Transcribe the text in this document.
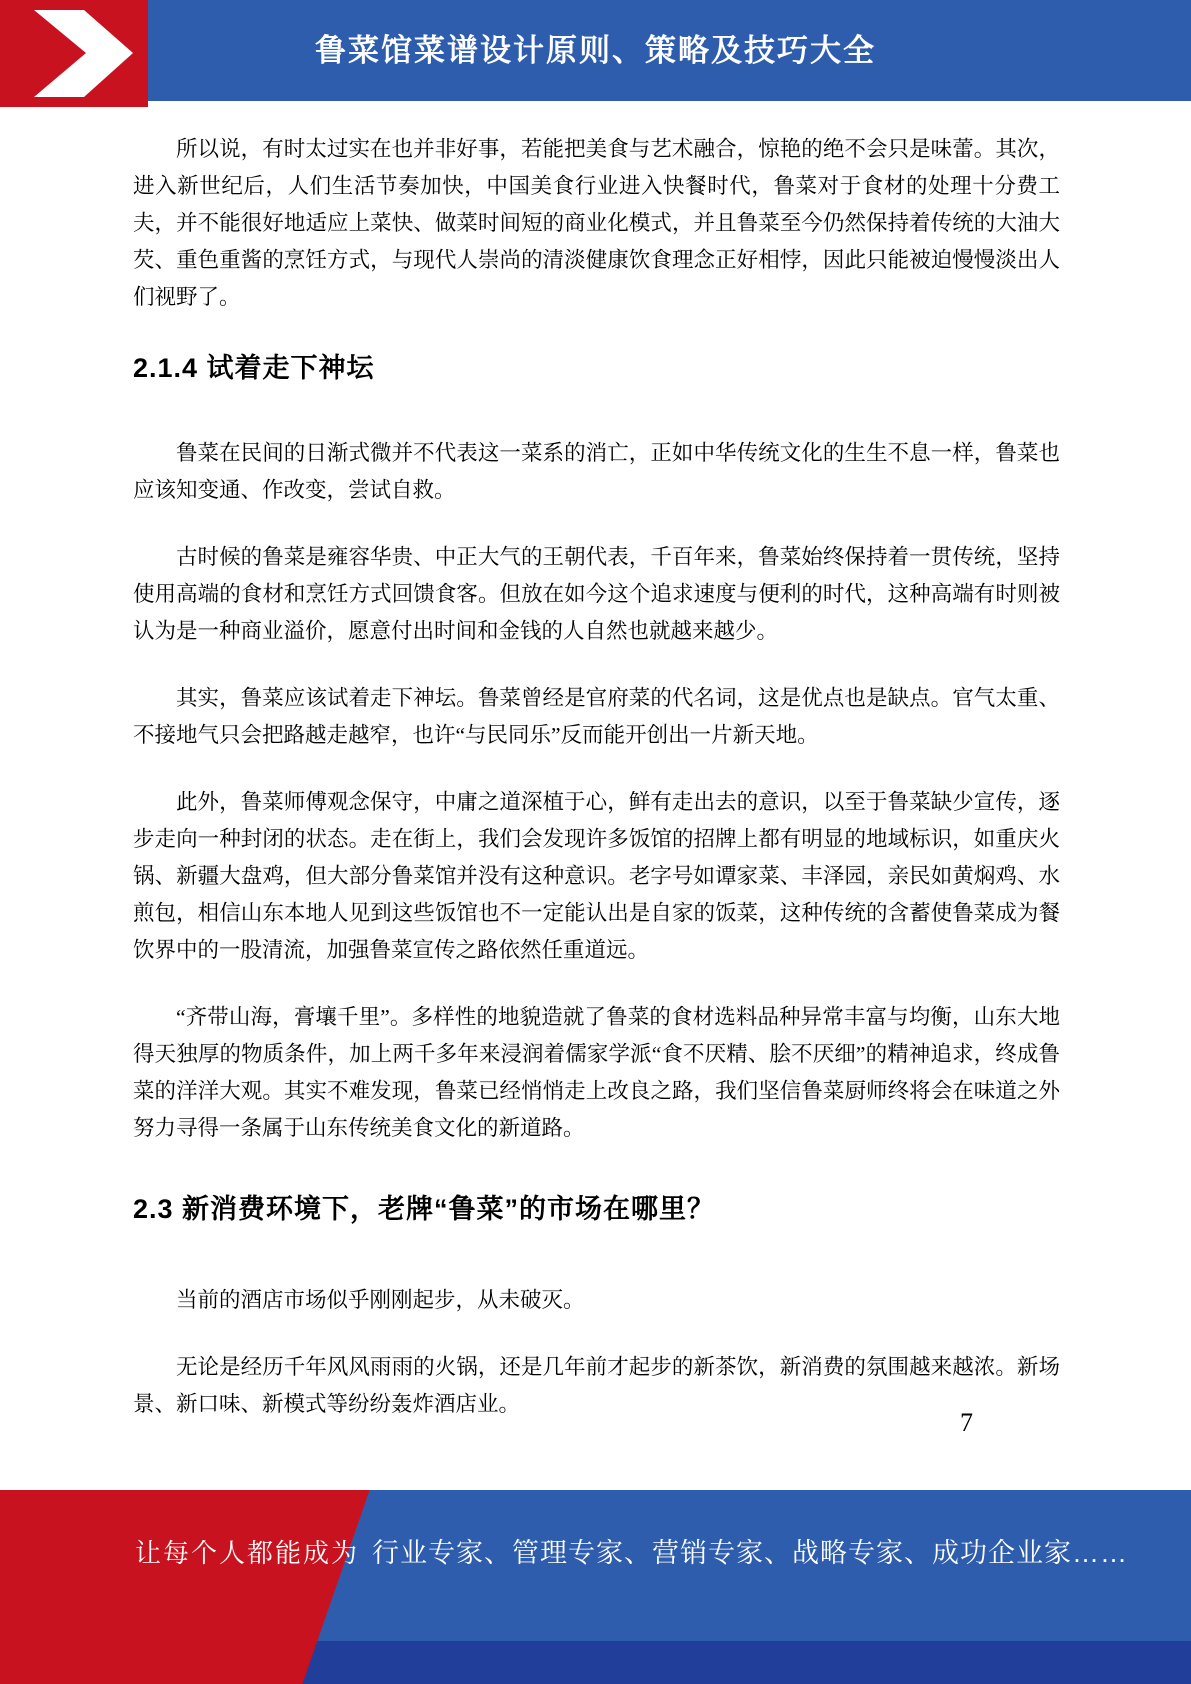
鲁菜馆菜谱设计原则、策略及技巧大全

所以说，有时太过实在也并非好事，若能把美食与艺术融合，惊艳的绝不会只是味蕾。其次，进入新世纪后，人们生活节奏加快，中国美食行业进入快餐时代，鲁菜对于食材的处理十分费工夫，并不能很好地适应上菜快、做菜时间短的商业化模式，并且鲁菜至今仍然保持着传统的大油大芡、重色重酱的烹饪方式，与现代人崇尚的清淡健康饮食理念正好相悖，因此只能被迫慢慢淡出人们视野了。

2.1.4 试着走下神坛

鲁菜在民间的日渐式微并不代表这一菜系的消亡，正如中华传统文化的生生不息一样，鲁菜也应该知变通、作改变，尝试自救。

古时候的鲁菜是雍容华贵、中正大气的王朝代表，千百年来，鲁菜始终保持着一贯传统，坚持使用高端的食材和烹饪方式回馈食客。但放在如今这个追求速度与便利的时代，这种高端有时则被认为是一种商业溢价，愿意付出时间和金钱的人自然也就越来越少。

其实，鲁菜应该试着走下神坛。鲁菜曾经是官府菜的代名词，这是优点也是缺点。官气太重、不接地气只会把路越走越窄，也许“与民同乐”反而能开创出一片新天地。

此外，鲁菜师傅观念保守，中庸之道深植于心，鲜有走出去的意识，以至于鲁菜缺少宣传，逐步走向一种封闭的状态。走在街上，我们会发现许多饭馆的招牌上都有明显的地域标识，如重庆火锅、新疆大盘鸡，但大部分鲁菜馆并没有这种意识。老字号如谭家菜、丰泽园，亲民如黄焖鸡、水煎包，相信山东本地人见到这些饭馆也不一定能认出是自家的饭菜，这种传统的含蓄使鲁菜成为餐饮界中的一股清流，加强鲁菜宣传之路依然任重道远。

“齐带山海，膏壤千里”。多样性的地貌造就了鲁菜的食材选料品种异常丰富与均衡，山东大地得天独厚的物质条件，加上两千多年来浸润着儒家学派“食不厌精、脍不厌细”的精神追求，终成鲁菜的洋洋大观。其实不难发现，鲁菜已经悄悄走上改良之路，我们坚信鲁菜厨师终将会在味道之外努力寻得一条属于山东传统美食文化的新道路。

2.3 新消费环境下，老牌“鲁菜”的市场在哪里？

当前的酒店市场似乎刚刚起步，从未破灭。

无论是经历千年风风雨雨的火锅，还是几年前才起步的新茶饮，新消费的氛围越来越浓。新场景、新口味、新模式等纷纷轰炸酒店业。

7
让每个人都能成为 行业专家、管理专家、营销专家、战略专家、成功企业家……
